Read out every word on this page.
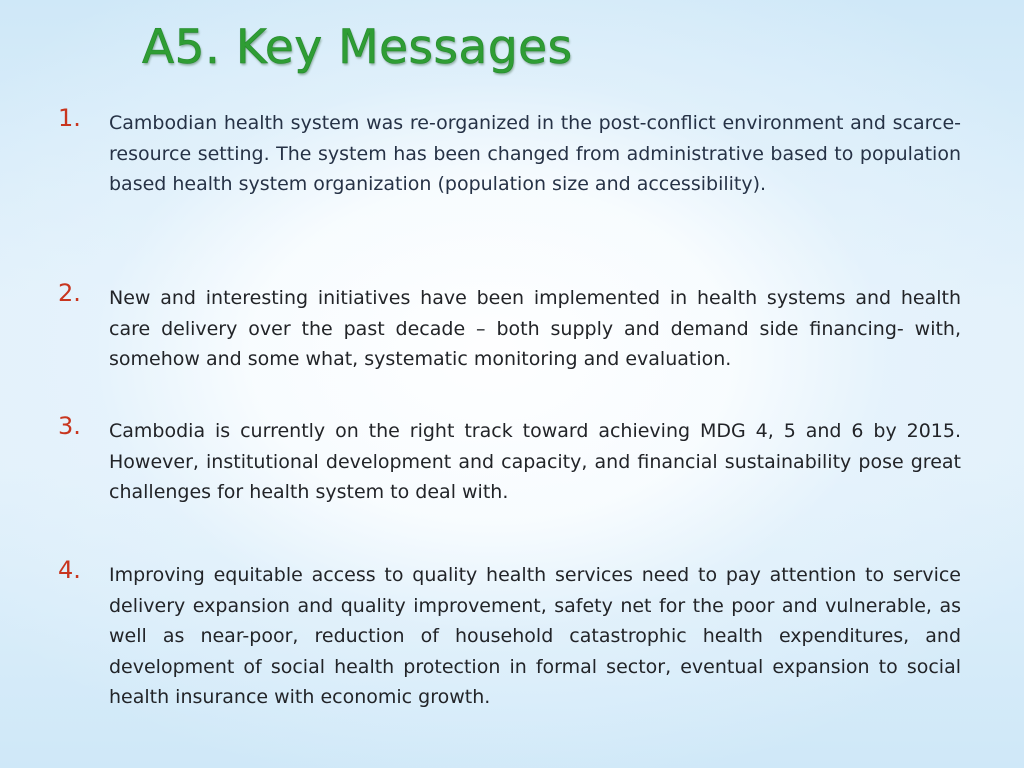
A5. Key Messages
1.	Cambodian health system was re-organized in the post-conflict environment and scarce-resource setting. The system has been changed from administrative based to population based health system organization (population size and accessibility).

2.	New and interesting initiatives have been implemented in health systems and health care delivery over the past decade – both supply and demand side financing- with, somehow and some what, systematic monitoring and evaluation.

3.	Cambodia is currently on the right track toward achieving MDG 4, 5 and 6 by 2015. However, institutional development and capacity, and financial sustainability pose great challenges for health system to deal with.

4.	Improving equitable access to quality health services need to pay attention to service delivery expansion and quality improvement, safety net for the poor and vulnerable, as well as near-poor, reduction of household catastrophic health expenditures, and development of social health protection in formal sector, eventual expansion to social health insurance with economic growth.
